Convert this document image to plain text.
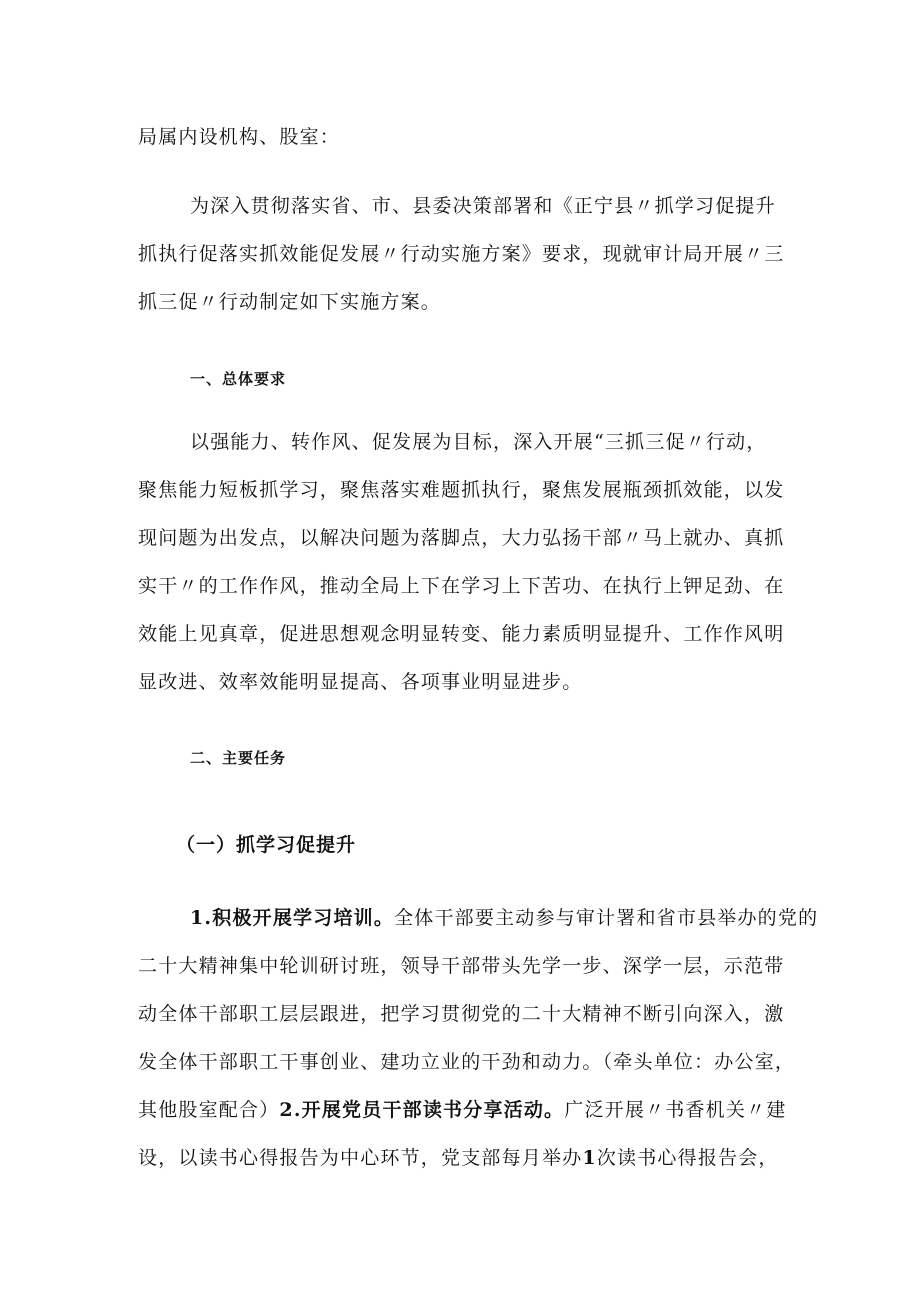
局属内设机构、股室：
为深入贯彻落实省、市、县委决策部署和《正宁县〃抓学习促提升
抓执行促落实抓效能促发展〃行动实施方案》要求，现就审计局开展〃三
抓三促〃行动制定如下实施方案。
一、总体要求
以强能力、转作风、促发展为目标，深入开展“三抓三促〃行动，
聚焦能力短板抓学习，聚焦落实难题抓执行，聚焦发展瓶颈抓效能，以发
现问题为出发点，以解决问题为落脚点，大力弘扬干部〃马上就办、真抓
实干〃的工作作风，推动全局上下在学习上下苦功、在执行上钾足劲、在
效能上见真章，促进思想观念明显转变、能力素质明显提升、工作作风明
显改进、效率效能明显提高、各项事业明显进步。
二、主要任务
（一）抓学习促提升
1.积极开展学习培训。全体干部要主动参与审计署和省市县举办的党的
二十大精神集中轮训研讨班，领导干部带头先学一步、深学一层，示范带
动全体干部职工层层跟进，把学习贯彻党的二十大精神不断引向深入，激
发全体干部职工干事创业、建功立业的干劲和动力。（牵头单位：办公室，
其他股室配合）2.开展党员干部读书分享活动。广泛开展〃书香机关〃建
设，以读书心得报告为中心环节，党支部每月举办1次读书心得报告会，
